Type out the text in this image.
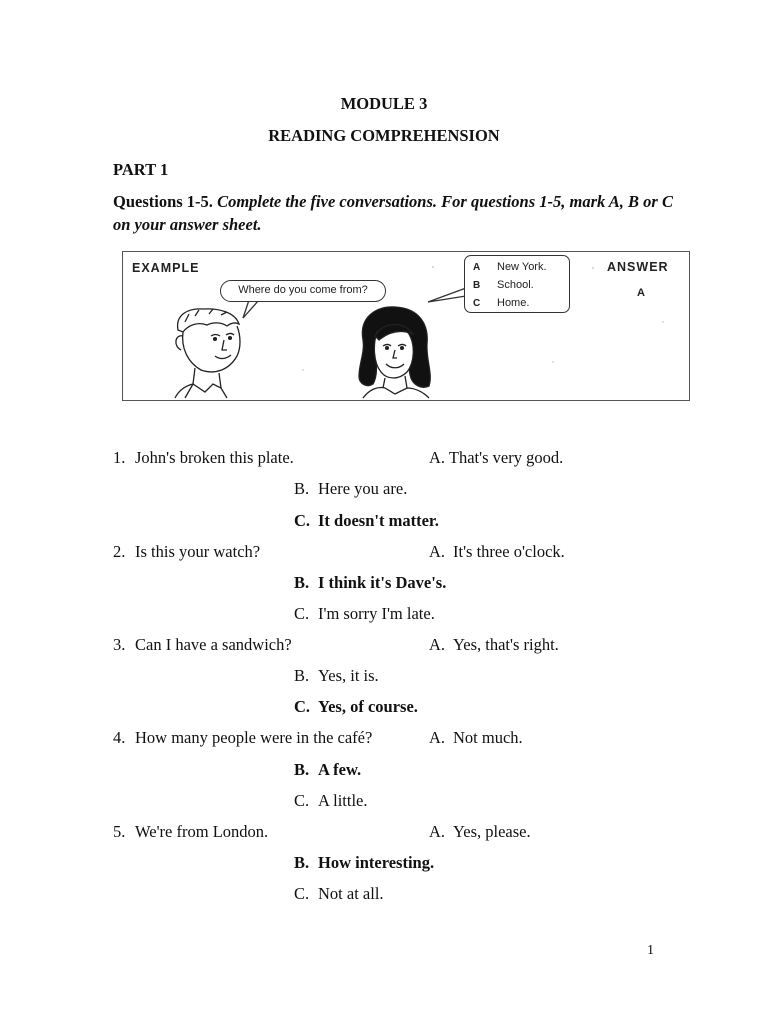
MODULE 3
READING COMPREHENSION
PART 1
Questions 1-5. Complete the five conversations. For questions 1-5, mark A, B or C on your answer sheet.
EXAMPLE
Where do you come from?
A New York.
B School.
C Home.
ANSWER
A
1. John's broken this plate.	A. That's very good.
B. Here you are.
C. It doesn't matter.
2. Is this your watch?	A. It's three o'clock.
B. I think it's Dave's.
C. I'm sorry I'm late.
3. Can I have a sandwich?	A. Yes, that's right.
B. Yes, it is.
C. Yes, of course.
4. How many people were in the café?	A. Not much.
B. A few.
C. A little.
5. We're from London.	A. Yes, please.
B. How interesting.
C. Not at all.
1
